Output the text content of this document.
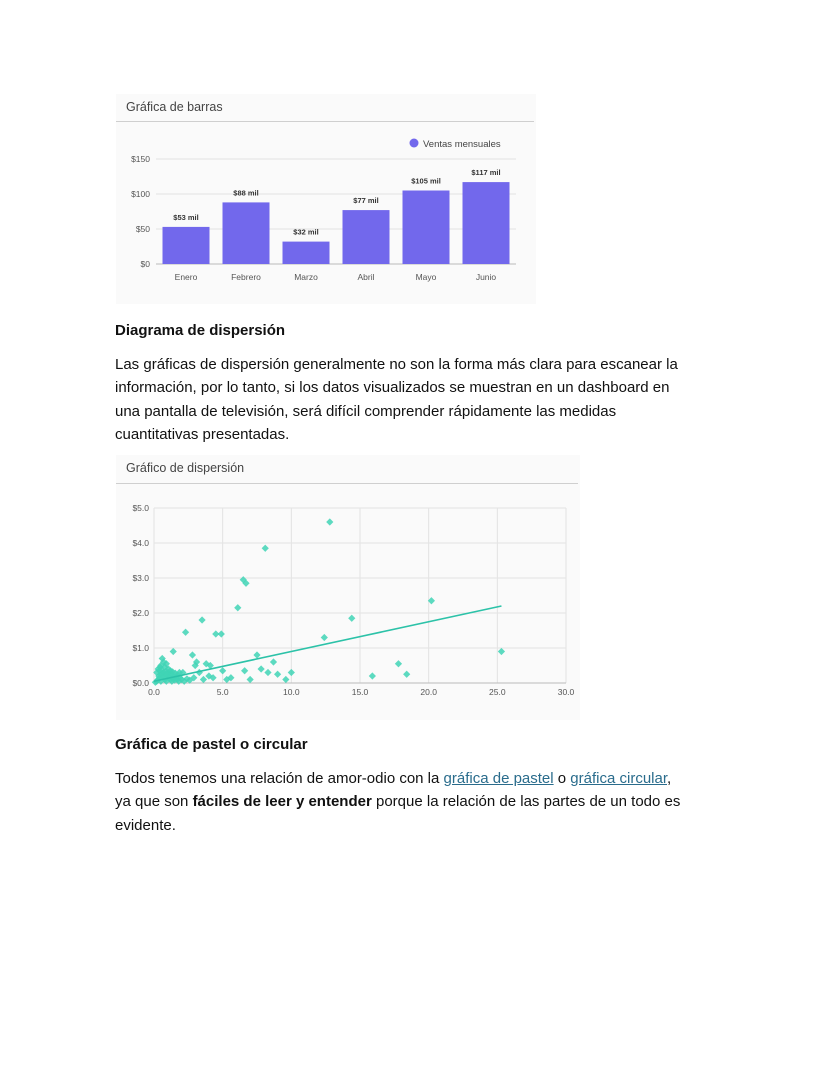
Gráfica de barras
$0
$50
$100
$150
$53 mil
Enero
$88 mil
Febrero
$32 mil
Marzo
$77 mil
Abril
$105 mil
Mayo
$117 mil
Junio
Ventas mensuales
Diagrama de dispersión

Las gráficas de dispersión generalmente no son la forma más clara para escanear la
información, por lo tanto, si los datos visualizados se muestran en un dashboard en
una pantalla de televisión, será difícil comprender rápidamente las medidas
cuantitativas presentadas.

Gráfico de dispersión
$0.0
$1.0
$2.0
$3.0
$4.0
$5.0
0.0	5.0	10.0	15.0	20.0	25.0	30.0
Gráfica de pastel o circular

Todos tenemos una relación de amor-odio con la gráfica de pastel o gráfica circular,
ya que son fáciles de leer y entender porque la relación de las partes de un todo es
evidente.
